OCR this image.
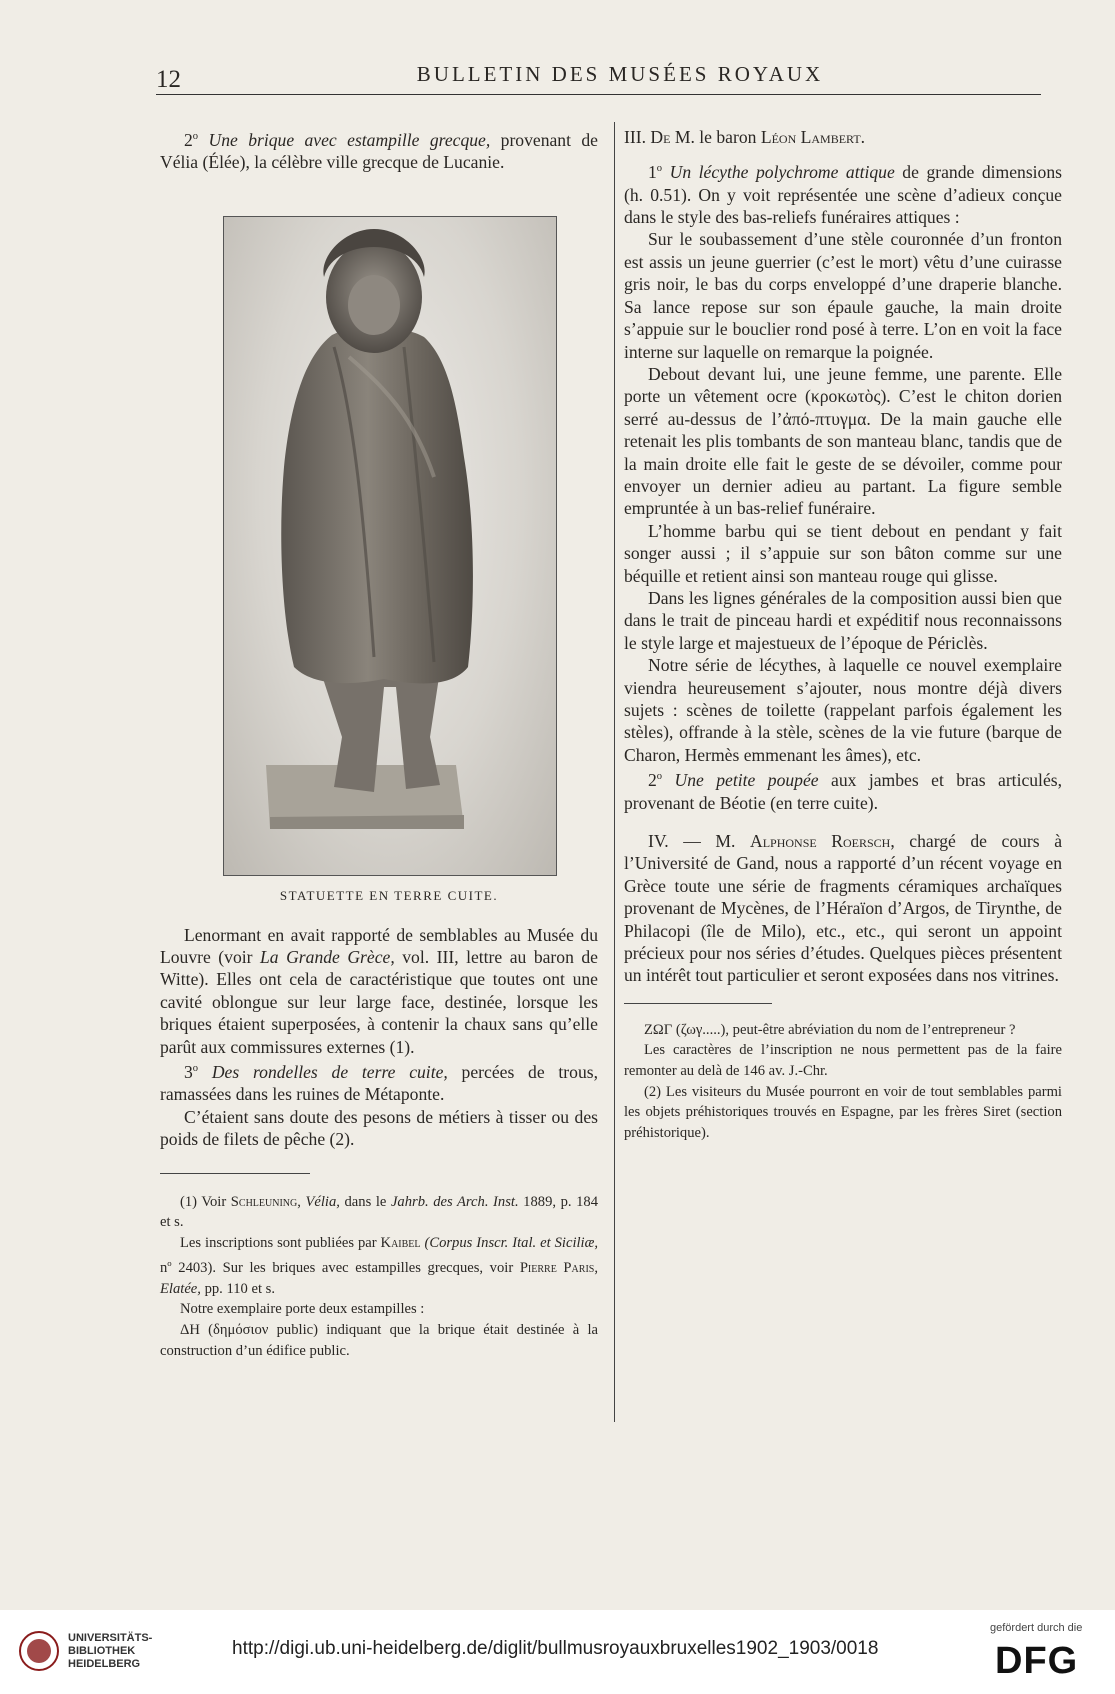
12	BULLETIN DES MUSÉES ROYAUX

2$^o$ Une brique avec estampille grecque, provenant de Vélia (Élée), la célèbre ville grecque de Lucanie.

STATUETTE EN TERRE CUITE.

Lenormant en avait rapporté de semblables au Musée du Louvre (voir La Grande Grèce, vol. III, lettre au baron de Witte). Elles ont cela de caractéristique que toutes ont une cavité oblongue sur leur large face, destinée, lorsque les briques étaient superposées, à contenir la chaux sans qu’elle parût aux commissures externes (1).

3$^o$ Des rondelles de terre cuite, percées de trous, ramassées dans les ruines de Métaponte.

C’étaient sans doute des pesons de métiers à tisser ou des poids de filets de pêche (2).

(1) Voir Schleuning, Vélia, dans le Jahrb. des Arch. Inst. 1889, p. 184 et s.

Les inscriptions sont publiées par Kaibel (Corpus Inscr. Ital. et Siciliæ, $n^o$ 2403). Sur les briques avec estampilles grecques, voir Pierre Paris, Elatée, pp. 110 et s.

Notre exemplaire porte deux estampilles :

ΔΗ (δημόσιον public) indiquant que la brique était destinée à la construction d’un édifice public.

III. De M. le baron Léon Lambert.

1$^o$ Un lécythe polychrome attique de grande dimensions (h. 0.51). On y voit représentée une scène d’adieux conçue dans le style des bas-reliefs funéraires attiques :

Sur le soubassement d’une stèle couronnée d’un fronton est assis un jeune guerrier (c’est le mort) vêtu d’une cuirasse gris noir, le bas du corps enveloppé d’une draperie blanche. Sa lance repose sur son épaule gauche, la main droite s’appuie sur le bouclier rond posé à terre. L’on en voit la face interne sur laquelle on remarque la poignée.

Debout devant lui, une jeune femme, une parente. Elle porte un vêtement ocre (κροκωτὸς). C’est le chiton dorien serré au-dessus de l’ἀπό-πτυγμα. De la main gauche elle retenait les plis tombants de son manteau blanc, tandis que de la main droite elle fait le geste de se dévoiler, comme pour envoyer un dernier adieu au partant. La figure semble empruntée à un bas-relief funéraire.

L’homme barbu qui se tient debout en pendant y fait songer aussi ; il s’appuie sur son bâton comme sur une béquille et retient ainsi son manteau rouge qui glisse.

Dans les lignes générales de la composition aussi bien que dans le trait de pinceau hardi et expéditif nous reconnaissons le style large et majestueux de l’époque de Périclès.

Notre série de lécythes, à laquelle ce nouvel exemplaire viendra heureusement s’ajouter, nous montre déjà divers sujets : scènes de toilette (rappelant parfois également les stèles), offrande à la stèle, scènes de la vie future (barque de Charon, Hermès emmenant les âmes), etc.

2$^o$ Une petite poupée aux jambes et bras articulés, provenant de Béotie (en terre cuite).

IV. — M. Alphonse Roersch, chargé de cours à l’Université de Gand, nous a rapporté d’un récent voyage en Grèce toute une série de fragments céramiques archaïques provenant de Mycènes, de l’Héraïon d’Argos, de Tirynthe, de Philacopi (île de Milo), etc., etc., qui seront un appoint précieux pour nos séries d’études. Quelques pièces présentent un intérêt tout particulier et seront exposées dans nos vitrines.

ΖΩΓ (ζωγ.....), peut-être abréviation du nom de l’entrepreneur ?

Les caractères de l’inscription ne nous permettent pas de la faire remonter au delà de 146 av. J.-Chr.

(2) Les visiteurs du Musée pourront en voir de tout semblables parmi les objets préhistoriques trouvés en Espagne, par les frères Siret (section préhistorique).

UNIVERSITÄTS-
BIBLIOTHEK
HEIDELBERG
http://digi.ub.uni-heidelberg.de/diglit/bullmusroyauxbruxelles1902_1903/0018
gefördert durch die
DFG
